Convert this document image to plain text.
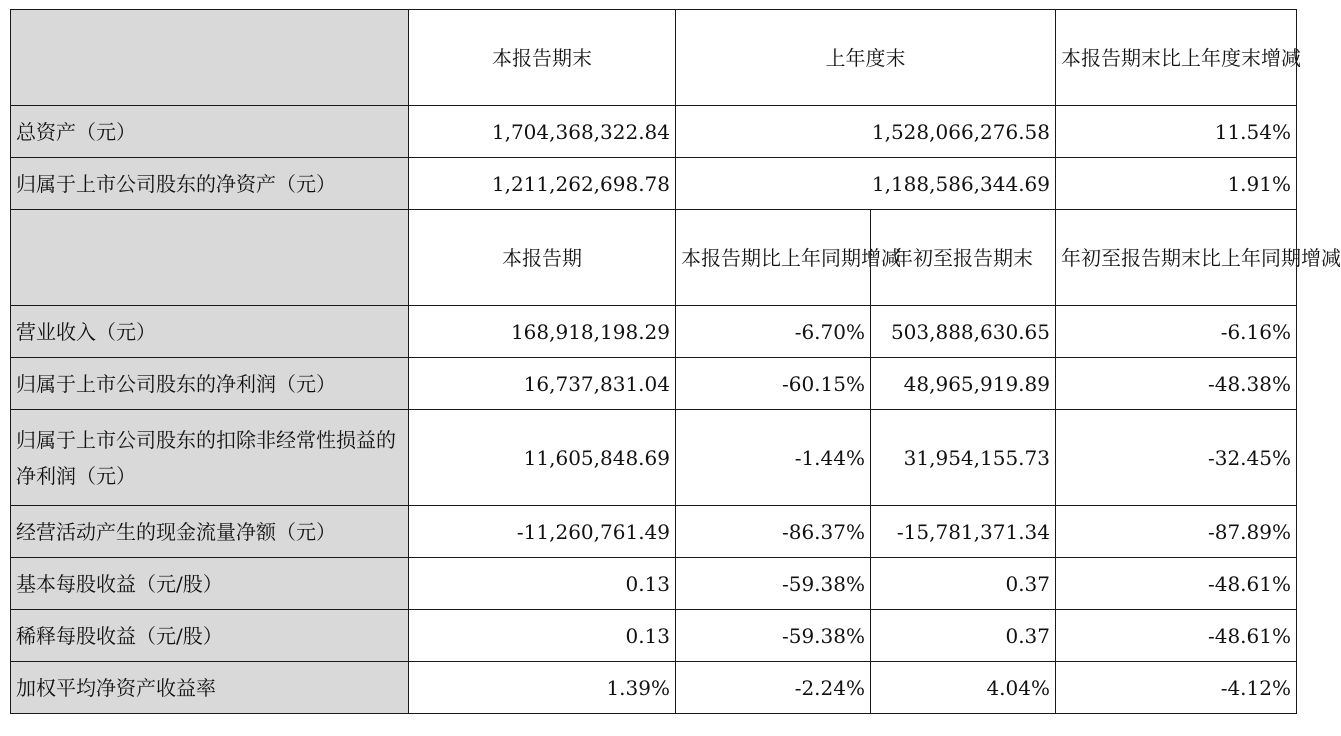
	本报告期末	上年度末		本报告期末比上年度末增减
总资产（元）	1,704,368,322.84	1,528,066,276.58		11.54%
归属于上市公司股东的净资产（元）	1,211,262,698.78	1,188,586,344.69		1.91%
	本报告期	本报告期比上年同期增减	年初至报告期末	年初至报告期末比上年同期增减
营业收入（元）	168,918,198.29	-6.70%	503,888,630.65	-6.16%
归属于上市公司股东的净利润（元）	16,737,831.04	-60.15%	48,965,919.89	-48.38%
归属于上市公司股东的扣除非经常性损益的净利润（元）	11,605,848.69	-1.44%	31,954,155.73	-32.45%
经营活动产生的现金流量净额（元）	-11,260,761.49	-86.37%	-15,781,371.34	-87.89%
基本每股收益（元/股）	0.13	-59.38%	0.37	-48.61%
稀释每股收益（元/股）	0.13	-59.38%	0.37	-48.61%
加权平均净资产收益率	1.39%	-2.24%	4.04%	-4.12%
